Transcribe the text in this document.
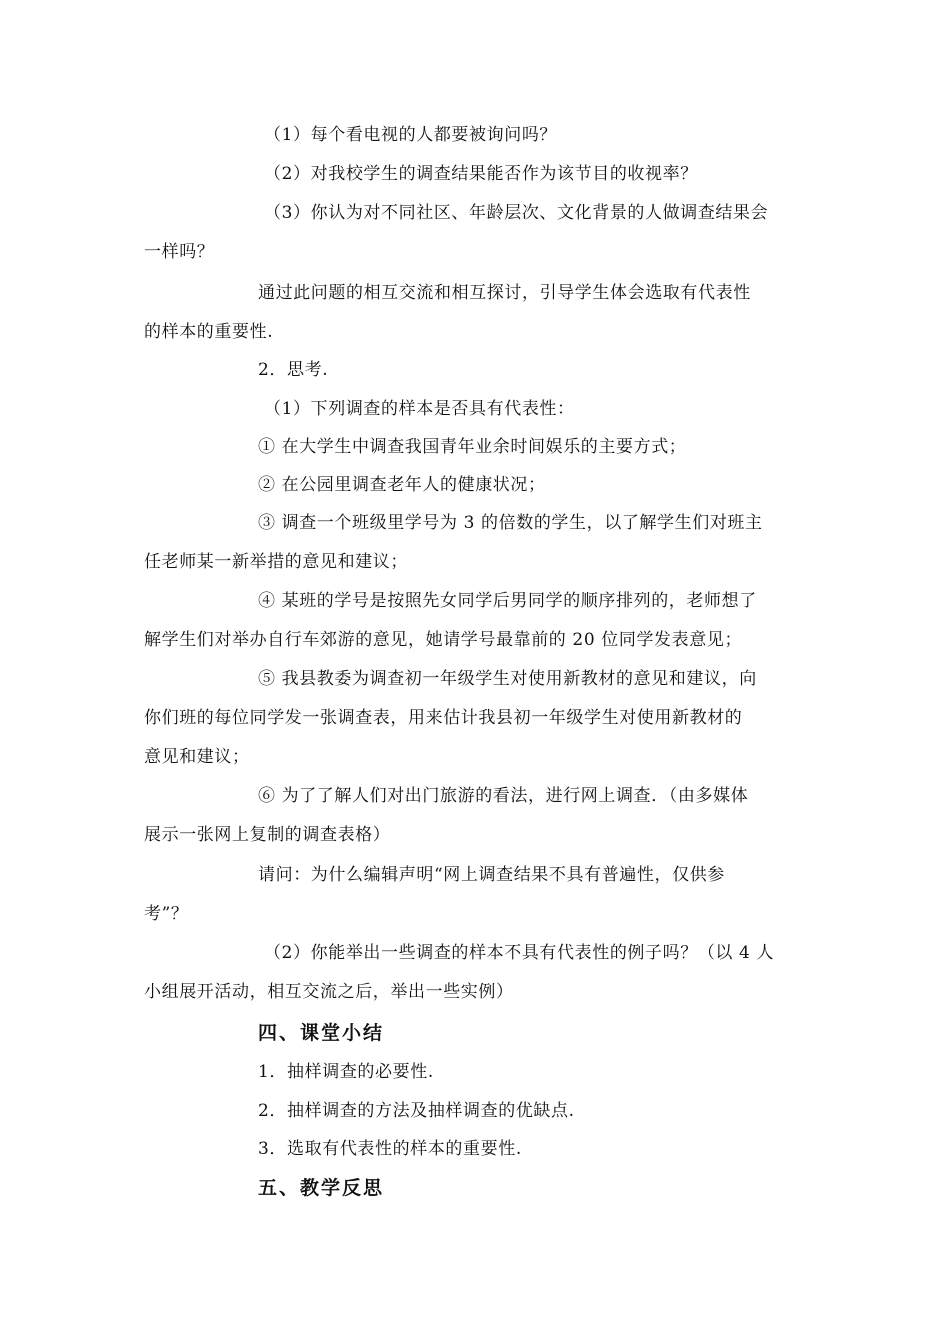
（1）每个看电视的人都要被询问吗？
（2）对我校学生的调查结果能否作为该节目的收视率？
（3）你认为对不同社区、年龄层次、文化背景的人做调查结果会
一样吗？
通过此问题的相互交流和相互探讨，引导学生体会选取有代表性
的样本的重要性.
2．思考.
（1）下列调查的样本是否具有代表性：
① 在大学生中调查我国青年业余时间娱乐的主要方式；
② 在公园里调查老年人的健康状况；
③ 调查一个班级里学号为 3 的倍数的学生，以了解学生们对班主
任老师某一新举措的意见和建议；
④ 某班的学号是按照先女同学后男同学的顺序排列的，老师想了
解学生们对举办自行车郊游的意见，她请学号最靠前的 20 位同学发表意见；
⑤ 我县教委为调查初一年级学生对使用新教材的意见和建议，向
你们班的每位同学发一张调查表，用来估计我县初一年级学生对使用新教材的
意见和建议；
⑥ 为了了解人们对出门旅游的看法，进行网上调查．（由多媒体
展示一张网上复制的调查表格）
请问：为什么编辑声明“网上调查结果不具有普遍性，仅供参
考”？
（2）你能举出一些调查的样本不具有代表性的例子吗？（以 4 人
小组展开活动，相互交流之后，举出一些实例）
四、课堂小结
1．抽样调查的必要性.
2．抽样调查的方法及抽样调查的优缺点.
3．选取有代表性的样本的重要性.
五、教学反思
